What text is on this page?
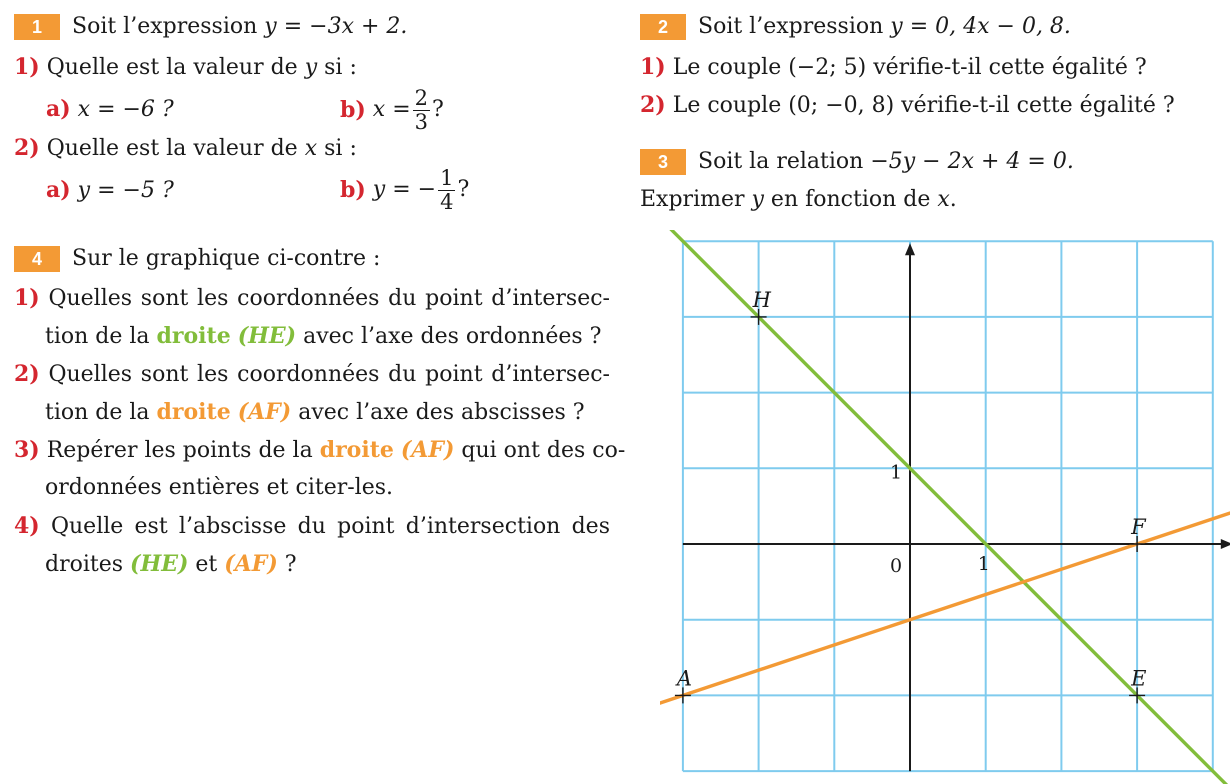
1 Soit l’expression y = −3x + 2.
1) Quelle est la valeur de y si :
a) x = −6 ?	b)
$x = \frac{2}{3}$ ?
2) Quelle est la valeur de x si :
a) y = −5 ?	b)
y = − $\frac{1}{4}$ ?
2 Soit l’expression y = 0, 4x − 0, 8.
1) Le couple (−2; 5) vérifie-t-il cette égalité ?
2) Le couple (0; −0, 8) vérifie-t-il cette égalité ?
3 Soit la relation −5y − 2x + 4 = 0.
Exprimer y en fonction de x.
4 Sur le graphique ci-contre :
1) Quelles sont les coordonnées du point d’intersec-
tion de la droite (HE) avec l’axe des ordonnées ?
2) Quelles sont les coordonnées du point d’intersec-
tion de la droite (AF) avec l’axe des abscisses ?
3) Repérer les points de la droite (AF) qui ont des co-
ordonnées entières et citer-les.
4) Quelle est l’abscisse du point d’intersection des
droites (HE) et (AF) ?	0	1
1
H
F
A	E
